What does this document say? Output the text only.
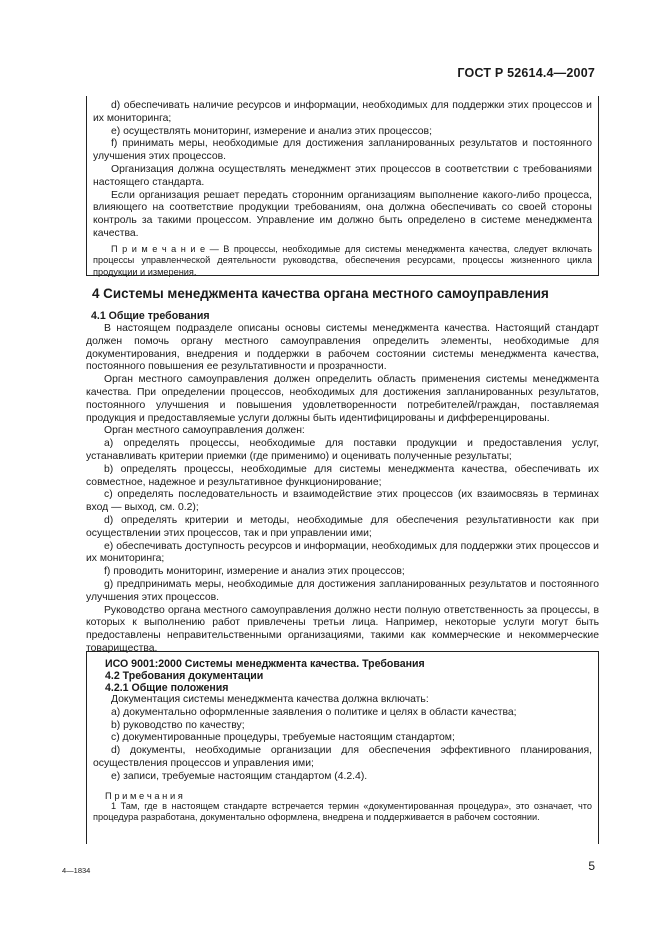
ГОСТ Р 52614.4—2007

d) обеспечивать наличие ресурсов и информации, необходимых для поддержки этих процессов и их мониторинга;

e) осуществлять мониторинг, измерение и анализ этих процессов;

f) принимать меры, необходимые для достижения запланированных результатов и постоянного улучшения этих процессов.

Организация должна осуществлять менеджмент этих процессов в соответствии с требованиями настоящего стандарта.

Если организация решает передать сторонним организациям выполнение какого-либо процесса, влияющего на соответствие продукции требованиям, она должна обеспечивать со своей стороны контроль за такими процессом. Управление им должно быть определено в системе менеджмента качества.

П р и м е ч а н и е — В процессы, необходимые для системы менеджмента качества, следует включать процессы управленческой деятельности руководства, обеспечения ресурсами, процессы жизненного цикла продукции и измерения.

4 Системы менеджмента качества органа местного самоуправления
4.1 Общие требования

В настоящем подразделе описаны основы системы менеджмента качества. Настоящий стандарт должен помочь органу местного самоуправления определить элементы, необходимые для документирования, внедрения и поддержки в рабочем состоянии системы менеджмента качества, постоянного повышения ее результативности и прозрачности.

Орган местного самоуправления должен определить область применения системы менеджмента качества. При определении процессов, необходимых для достижения запланированных результатов, постоянного улучшения и повышения удовлетворенности потребителей/граждан, поставляемая продукция и предоставляемые услуги должны быть идентифицированы и дифференцированы.

Орган местного самоуправления должен:

a) определять процессы, необходимые для поставки продукции и предоставления услуг, устанавливать критерии приемки (где применимо) и оценивать полученные результаты;

b) определять процессы, необходимые для системы менеджмента качества, обеспечивать их совместное, надежное и результативное функционирование;

c) определять последовательность и взаимодействие этих процессов (их взаимосвязь в терминах вход — выход, см. 0.2);

d) определять критерии и методы, необходимые для обеспечения результативности как при осуществлении этих процессов, так и при управлении ими;

e) обеспечивать доступность ресурсов и информации, необходимых для поддержки этих процессов и их мониторинга;

f) проводить мониторинг, измерение и анализ этих процессов;

g) предпринимать меры, необходимые для достижения запланированных результатов и постоянного улучшения этих процессов.

Руководство органа местного самоуправления должно нести полную ответственность за процессы, в которых к выполнению работ привлечены третьи лица. Например, некоторые услуги могут быть предоставлены неправительственными организациями, такими как коммерческие и некоммерческие товарищества.

ИСО 9001:2000 Системы менеджмента качества. Требования
4.2 Требования документации
4.2.1 Общие положения

Документация системы менеджмента качества должна включать:

a) документально оформленные заявления о политике и целях в области качества;

b) руководство по качеству;

c) документированные процедуры, требуемые настоящим стандартом;

d) документы, необходимые организации для обеспечения эффективного планирования, осуществления процессов и управления ими;

e) записи, требуемые настоящим стандартом (4.2.4).

П р и м е ч а н и я

1 Там, где в настоящем стандарте встречается термин «документированная процедура», это означает, что процедура разработана, документально оформлена, внедрена и поддерживается в рабочем состоянии.

4—1834	5
